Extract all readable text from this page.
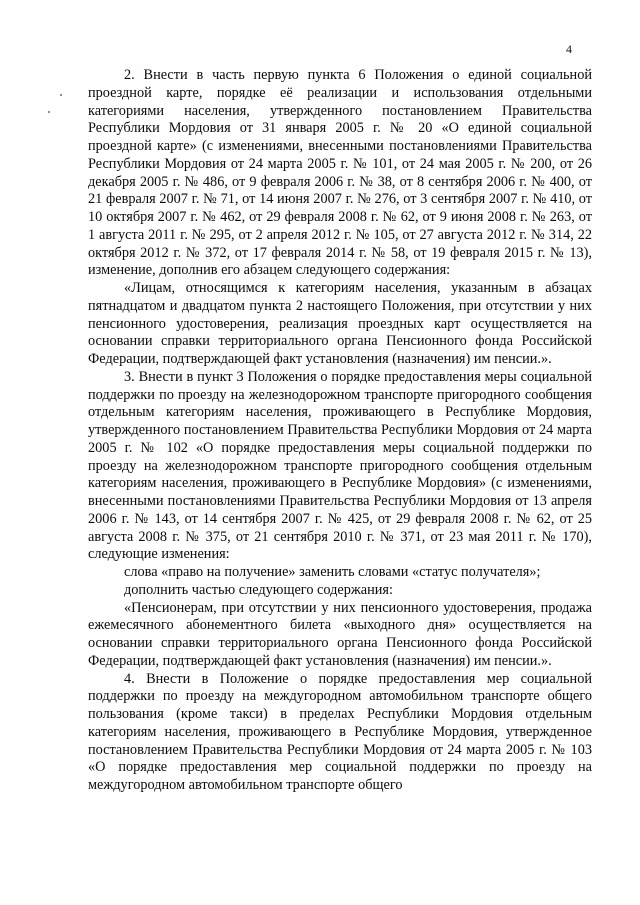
4

2. Внести в часть первую пункта 6 Положения о единой социальной проездной карте, порядке её реализации и использования отдельными категориями населения, утвержденного постановлением Правительства Республики Мордовия от 31 января 2005 г. № 20 «О единой социальной проездной карте» (с изменениями, внесенными постановлениями Правительства Республики Мордовия от 24 марта 2005 г. № 101, от 24 мая 2005 г. № 200, от 26 декабря 2005 г. № 486, от 9 февраля 2006 г. № 38, от 8 сентября 2006 г. № 400, от 21 февраля 2007 г. № 71, от 14 июня 2007 г. № 276, от 3 сентября 2007 г. № 410, от 10 октября 2007 г. № 462, от 29 февраля 2008 г. № 62, от 9 июня 2008 г. № 263, от 1 августа 2011 г. № 295, от 2 апреля 2012 г. № 105, от 27 августа 2012 г. № 314, 22 октября 2012 г. № 372, от 17 февраля 2014 г. № 58, от 19 февраля 2015 г. № 13), изменение, дополнив его абзацем следующего содержания:

«Лицам, относящимся к категориям населения, указанным в абзацах пятнадцатом и двадцатом пункта 2 настоящего Положения, при отсутствии у них пенсионного удостоверения, реализация проездных карт осуществляется на основании справки территориального органа Пенсионного фонда Российской Федерации, подтверждающей факт установления (назначения) им пенсии.».

3. Внести в пункт 3 Положения о порядке предоставления меры социальной поддержки по проезду на железнодорожном транспорте пригородного сообщения отдельным категориям населения, проживающего в Республике Мордовия, утвержденного постановлением Правительства Республики Мордовия от 24 марта 2005 г. № 102 «О порядке предоставления меры социальной поддержки по проезду на железнодорожном транспорте пригородного сообщения отдельным категориям населения, проживающего в Республике Мордовия» (с изменениями, внесенными постановлениями Правительства Республики Мордовия от 13 апреля 2006 г. № 143, от 14 сентября 2007 г. № 425, от 29 февраля 2008 г. № 62, от 25 августа 2008 г. № 375, от 21 сентября 2010 г. № 371, от 23 мая 2011 г. № 170), следующие изменения:

слова «право на получение» заменить словами «статус получателя»;

дополнить частью следующего содержания:

«Пенсионерам, при отсутствии у них пенсионного удостоверения, продажа ежемесячного абонементного билета «выходного дня» осуществляется на основании справки территориального органа Пенсионного фонда Российской Федерации, подтверждающей факт установления (назначения) им пенсии.».

4. Внести в Положение о порядке предоставления мер социальной поддержки по проезду на междугородном автомобильном транспорте общего пользования (кроме такси) в пределах Республики Мордовия отдельным категориям населения, проживающего в Республике Мордовия, утвержденное постановлением Правительства Республики Мордовия от 24 марта 2005 г. № 103 «О порядке предоставления мер социальной поддержки по проезду на междугородном автомобильном транспорте общего
